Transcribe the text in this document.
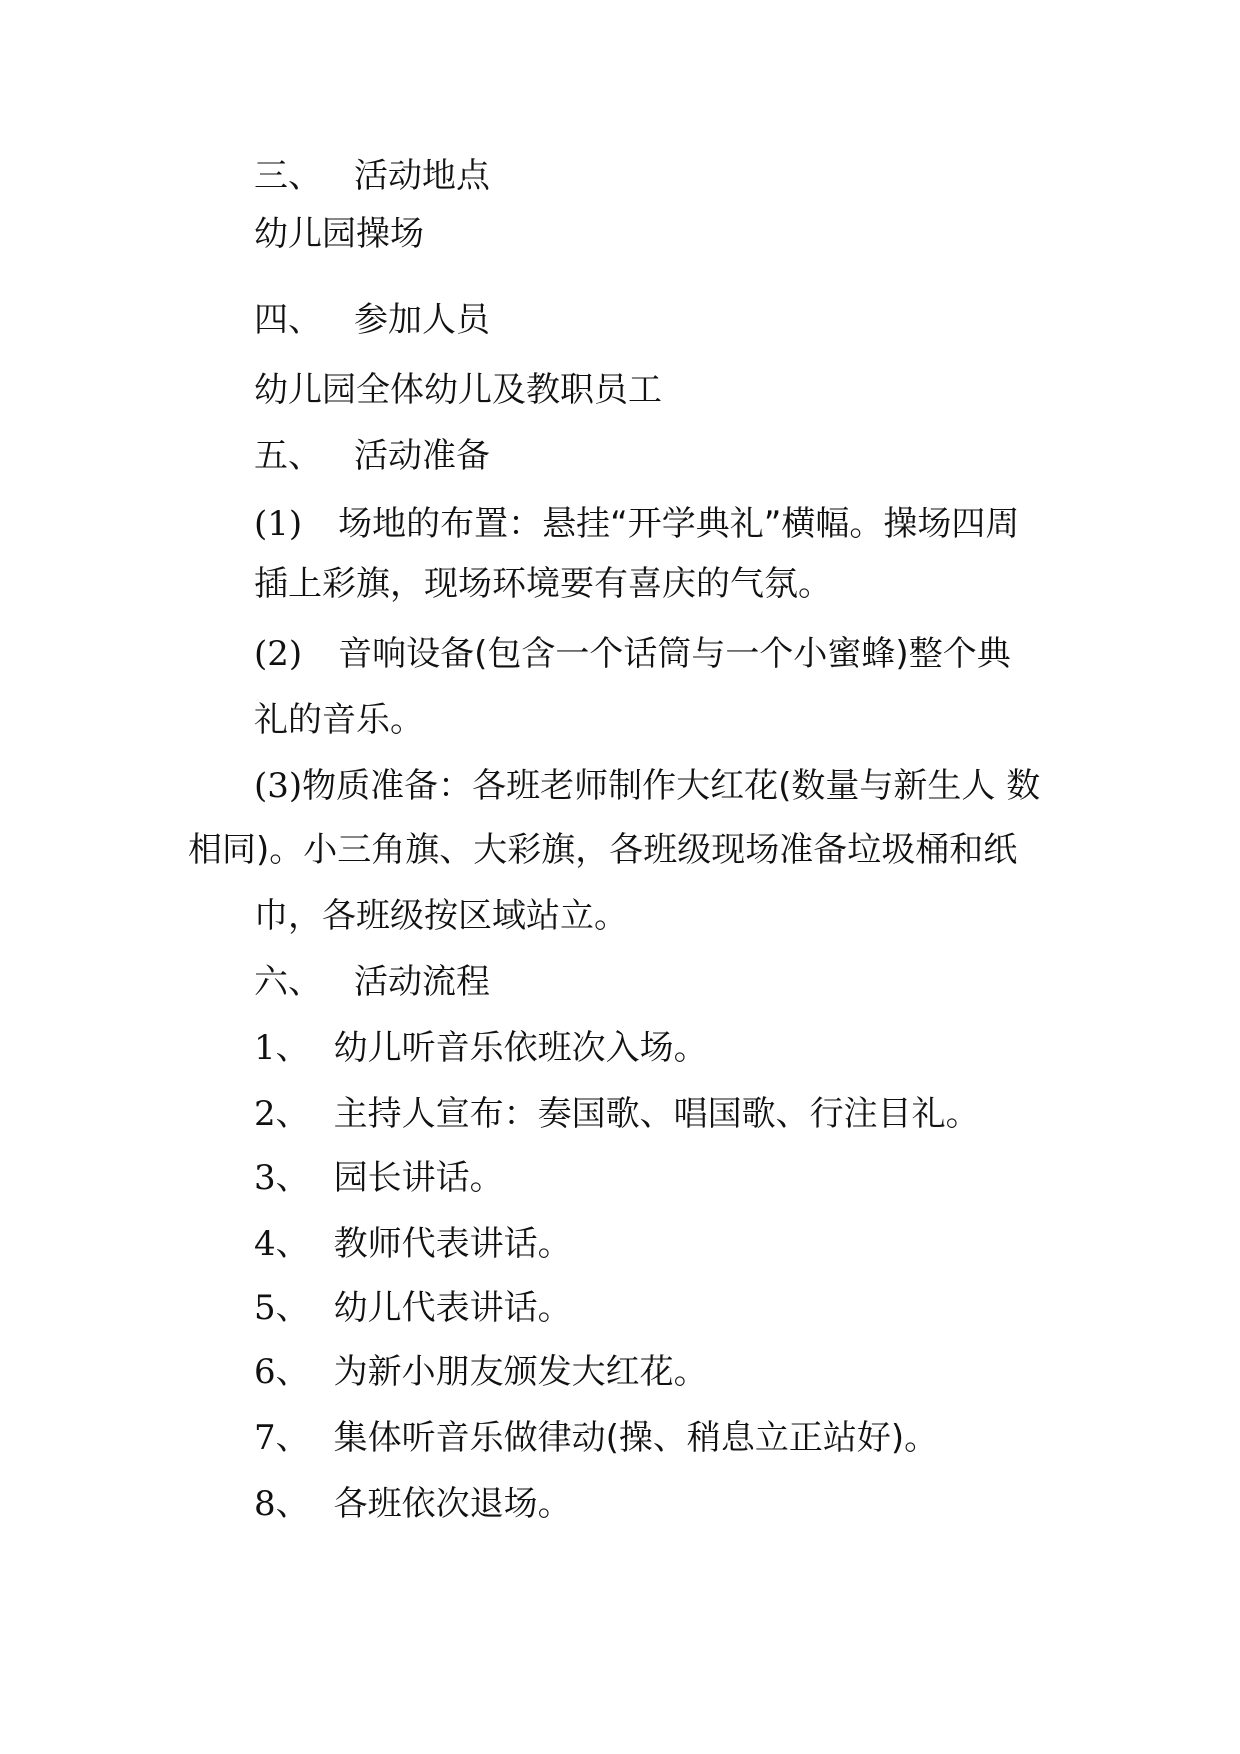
三、 活动地点
幼儿园操场
四、 参加人员
幼儿园全体幼儿及教职员工
五、 活动准备
(1) 场地的布置：悬挂“开学典礼”横幅。操场四周
插上彩旗，现场环境要有喜庆的气氛。
(2) 音响设备(包含一个话筒与一个小蜜蜂)整个典
礼的音乐。
(3)物质准备：各班老师制作大红花(数量与新生人 数
相同)。小三角旗、大彩旗，各班级现场准备垃圾桶和纸
巾，各班级按区域站立。
六、 活动流程
1、 幼儿听音乐依班次入场。
2、 主持人宣布：奏国歌、唱国歌、行注目礼。
3、 园长讲话。
4、 教师代表讲话。
5、 幼儿代表讲话。
6、 为新小朋友颁发大红花。
7、 集体听音乐做律动(操、稍息立正站好)。
8、 各班依次退场。
